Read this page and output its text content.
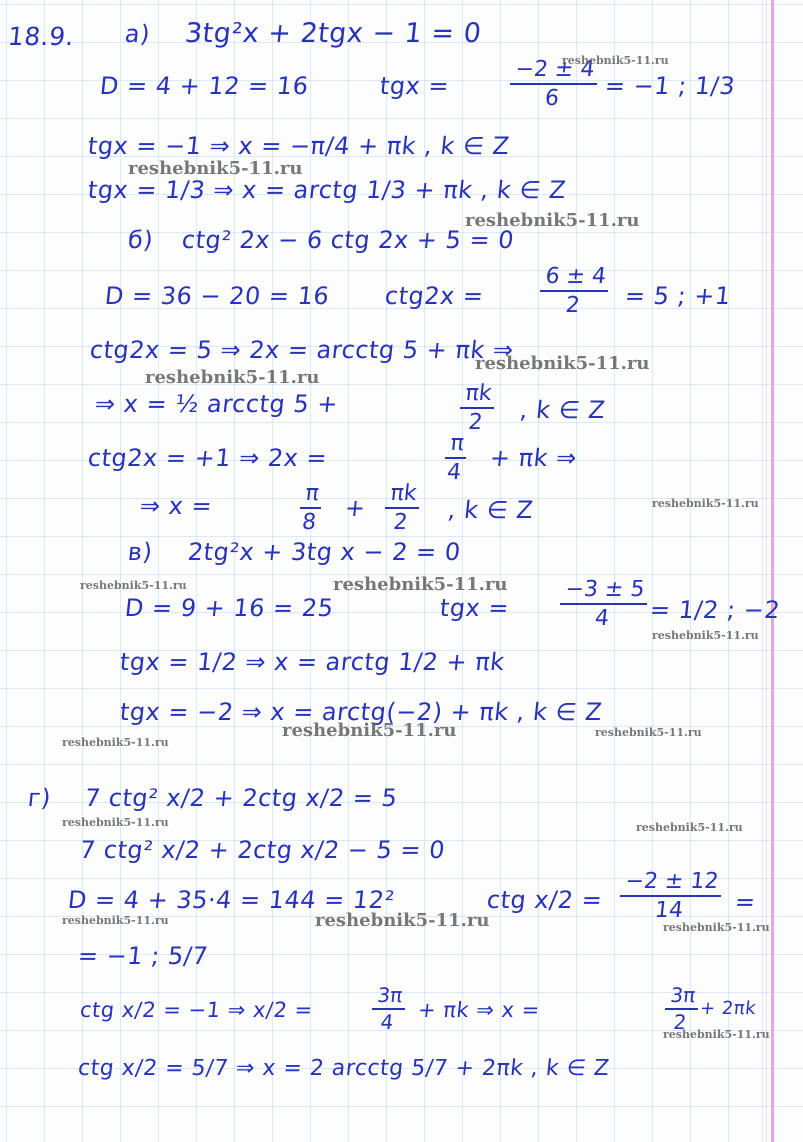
18.9. а) 3tg²x + 2tgx − 1 = 0
D = 4 + 12 = 16	tgx =	$\frac{-2 \pm 4}{6} = -1$ ; 1/3
tgx = −1 ⇒ x = −π/4 + πk , k ∈ Z
tgx = 1/3 ⇒ x = arctg 1/3 + πk , k ∈ Z
б) ctg² 2x − 6 ctg 2x + 5 = 0
D = 36 − 20 = 16 $ctg2x = \frac{6 \pm 4}{2} = 5$ ; +1
ctg2x = 5 ⇒ 2x = arcctg 5 + πk ⇒
⇒ x = ½ arcctg 5 +	$\frac{\pi k}{2}$ , k ∈ Z
ctg2x = +1 ⇒ 2x =	$\frac{\pi}{4} + \pi k$ ⇒
⇒ x =	$\frac{\pi}{8} + \frac{\pi k}{2}$ , k ∈ Z
в) 2tg²x + 3tg x − 2 = 0
D = 9 + 16 = 25	tgx = $\frac{-3 \pm 5}{4}$
= 1/2 ; −2
tgx = 1/2 ⇒ x = arctg 1/2 + πk
tgx = −2 ⇒ x = arctg(−2) + πk , k ∈ Z
г) 7 ctg² x/2 + 2ctg x/2 = 5
7 ctg² x/2 + 2ctg x/2 − 5 = 0
D = 4 + 35·4 = 144 = 12²	ctg $x/2 = \frac{-2 \pm 12}{14}$ =
= −1 ; 5/7
ctg x/2 = −1 ⇒ x/2 =	$\frac{3\pi}{4} + \pi k$ ⇒ x =	$\frac{3\pi}{2}$
+ 2πk
ctg x/2 = 5/7 ⇒ x = 2 arcctg 5/7 + 2πk , k ∈ Z
reshebnik5-11.ru
reshebnik5-11.ru
reshebnik5-11.ru
reshebnik5-11.ru
reshebnik5-11.ru
reshebnik5-11.ru
reshebnik5-11.ru	reshebnik5-11.ru
reshebnik5-11.ru
reshebnik5-11.ru	reshebnik5-11.ru
reshebnik5-11.ru
reshebnik5-11.ru	reshebnik5-11.ru
reshebnik5-11.ru	reshebnik5-11.ru	reshebnik5-11.ru
reshebnik5-11.ru
